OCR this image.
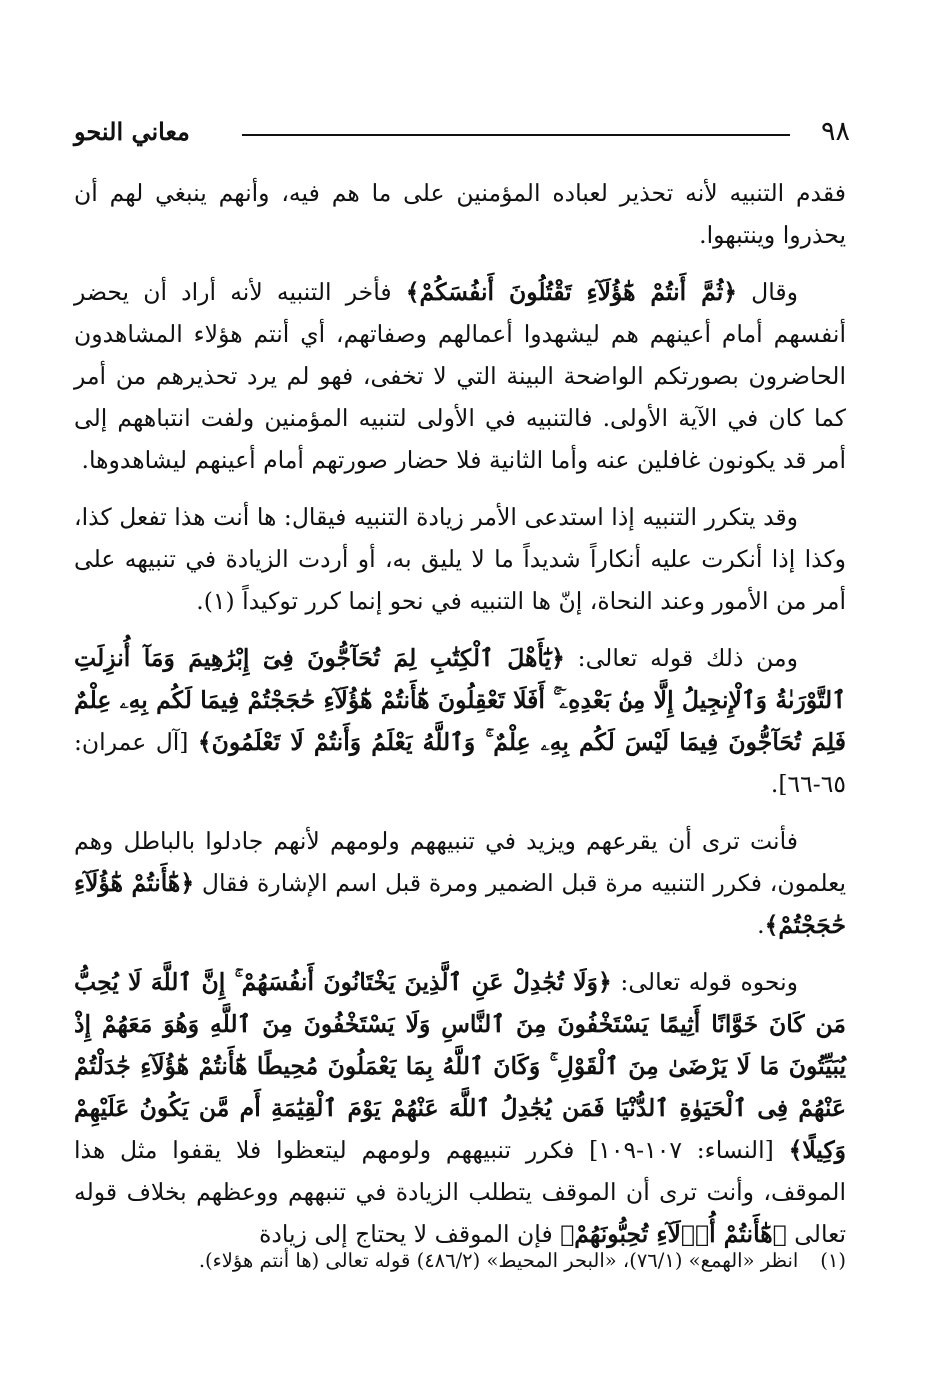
٩٨
معاني النحو

فقدم التنبيه لأنه تحذير لعباده المؤمنين على ما هم فيه، وأنهم ينبغي لهم أن يحذروا وينتبهوا.

وقال ﴿ثُمَّ أَنتُمْ هَٰٓؤُلَآءِ تَقْتُلُونَ أَنفُسَكُمْ﴾ فأخر التنبيه لأنه أراد أن يحضر أنفسهم أمام أعينهم هم ليشهدوا أعمالهم وصفاتهم، أي أنتم هؤلاء المشاهدون الحاضرون بصورتكم الواضحة البينة التي لا تخفى، فهو لم يرد تحذيرهم من أمر كما كان في الآية الأولى. فالتنبيه في الأولى لتنبيه المؤمنين ولفت انتباههم إلى أمر قد يكونون غافلين عنه وأما الثانية فلا حضار صورتهم أمام أعينهم ليشاهدوها.

وقد يتكرر التنبيه إذا استدعى الأمر زيادة التنبيه فيقال: ها أنت هذا تفعل كذا، وكذا إذا أنكرت عليه أنكاراً شديداً ما لا يليق به، أو أردت الزيادة في تنبيهه على أمر من الأمور وعند النحاة، إنّ ها التنبيه في نحو إنما كرر توكيداً (١).

ومن ذلك قوله تعالى: ﴿يَٰٓأَهْلَ ٱلْكِتَٰبِ لِمَ تُحَآجُّونَ فِىٓ إِبْرَٰهِيمَ وَمَآ أُنزِلَتِ ٱلتَّوْرَىٰةُ وَٱلْإِنجِيلُ إِلَّا مِنۢ بَعْدِهِۦٓ ۚ أَفَلَا تَعْقِلُونَ هَٰٓأَنتُمْ هَٰٓؤُلَآءِ حَٰجَجْتُمْ فِيمَا لَكُم بِهِۦ عِلْمٌ فَلِمَ تُحَآجُّونَ فِيمَا لَيْسَ لَكُم بِهِۦ عِلْمٌ ۚ وَٱللَّهُ يَعْلَمُ وَأَنتُمْ لَا تَعْلَمُونَ﴾ [آل عمران: ٦٥-٦٦].

فأنت ترى أن يقرعهم ويزيد في تنبيههم ولومهم لأنهم جادلوا بالباطل وهم يعلمون، فكرر التنبيه مرة قبل الضمير ومرة قبل اسم الإشارة فقال ﴿هَٰٓأَنتُمْ هَٰٓؤُلَآءِ حَٰجَجْتُمْ﴾.

ونحوه قوله تعالى: ﴿وَلَا تُجَٰدِلْ عَنِ ٱلَّذِينَ يَخْتَانُونَ أَنفُسَهُمْ ۚ إِنَّ ٱللَّهَ لَا يُحِبُّ مَن كَانَ خَوَّانًا أَثِيمًا يَسْتَخْفُونَ مِنَ ٱلنَّاسِ وَلَا يَسْتَخْفُونَ مِنَ ٱللَّهِ وَهُوَ مَعَهُمْ إِذْ يُبَيِّتُونَ مَا لَا يَرْضَىٰ مِنَ ٱلْقَوْلِ ۚ وَكَانَ ٱللَّهُ بِمَا يَعْمَلُونَ مُحِيطًا هَٰٓأَنتُمْ هَٰٓؤُلَآءِ جَٰدَلْتُمْ عَنْهُمْ فِى ٱلْحَيَوٰةِ ٱلدُّنْيَا فَمَن يُجَٰدِلُ ٱللَّهَ عَنْهُمْ يَوْمَ ٱلْقِيَٰمَةِ أَم مَّن يَكُونُ عَلَيْهِمْ وَكِيلًا﴾ [النساء: ١٠٧-١٠٩] فكرر تنبيههم ولومهم ليتعظوا فلا يقفوا مثل هذا الموقف، وأنت ترى أن الموقف يتطلب الزيادة في تنبههم ووعظهم بخلاف قوله تعالى ﴿هَٰٓأَنتُمْ أُو۟لَآءِ تُحِبُّونَهُمْ﴾ فإن الموقف لا يحتاج إلى زيادة

(١)انظر «الهمع» (٧٦/١)، «البحر المحيط» (٤٨٦/٢) قوله تعالى (ها أنتم هؤلاء).
